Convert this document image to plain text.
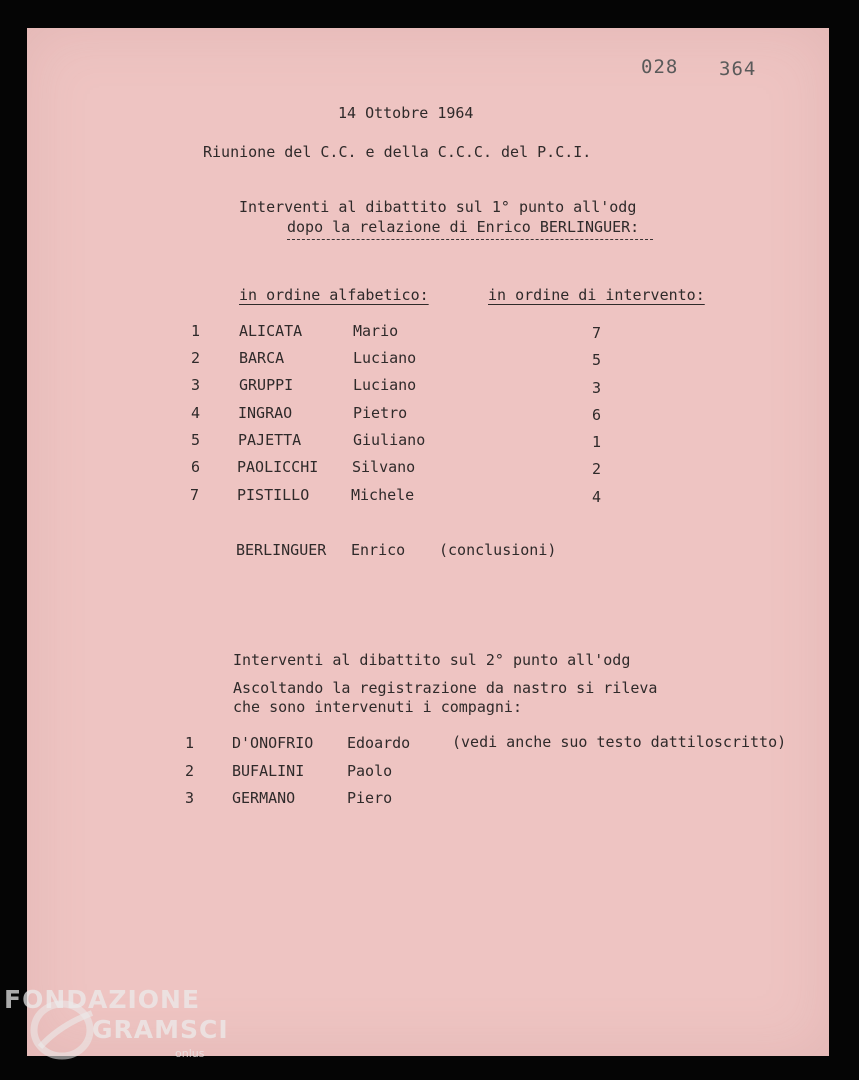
028 364
14 Ottobre 1964
Riunione del C.C. e della C.C.C. del P.C.I.
Interventi al dibattito sul 1° punto all'odg
dopo la relazione di Enrico BERLINGUER:
in ordine alfabetico:	in ordine di intervento:
1	ALICATA	Mario	7
2	BARCA	Luciano	5
3	GRUPPI	Luciano	3
4	INGRAO	Pietro	6
5	PAJETTA	Giuliano	1
6 PAOLICCHI Silvano	2
7	PISTILLO	Michele	4
BERLINGUER Enrico (conclusioni)
Interventi al dibattito sul 2° punto all'odg
Ascoltando la registrazione da nastro si rileva
che sono intervenuti i compagni:
1	D'ONOFRIO Edoardo	(vedi anche suo testo dattiloscritto)
2	BUFALINI	Paolo
3	GERMANO	Piero
FONDAZIONE
GRAMSCI
onlus
